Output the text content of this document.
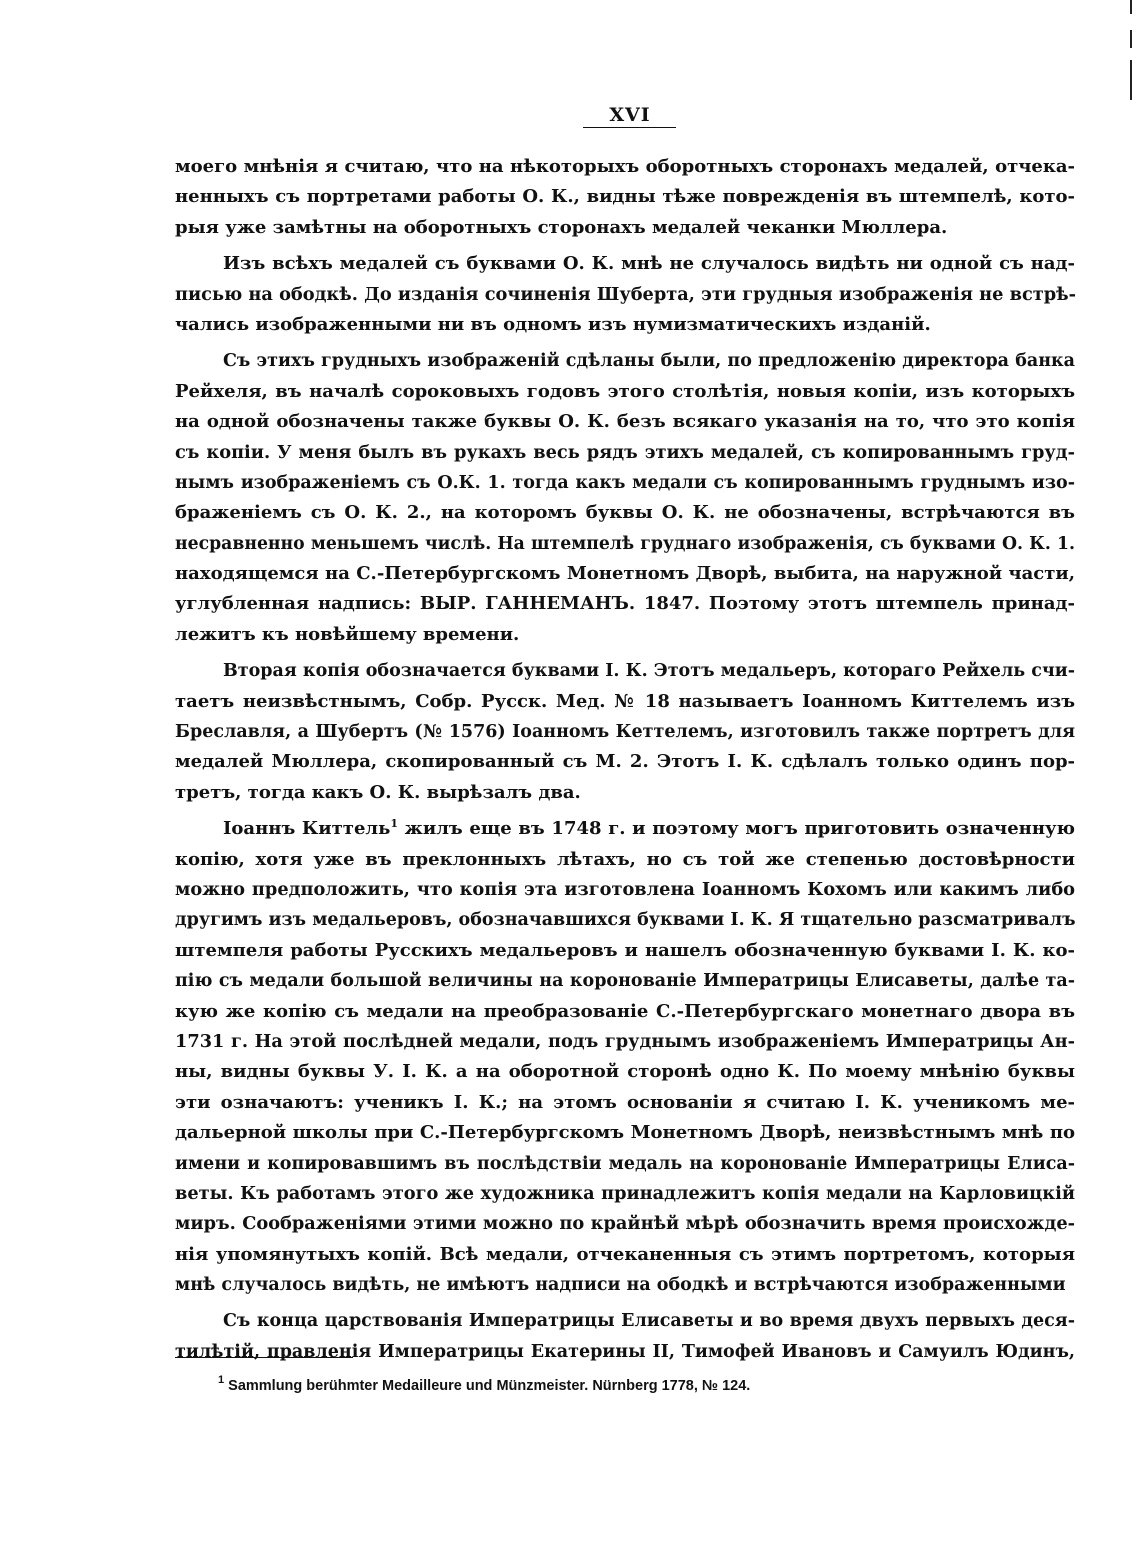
XVI
моего мнѣнія я считаю, что на нѣкоторыхъ оборотныхъ сторонахъ медалей, отчека-
ненныхъ съ портретами работы О. К., видны тѣже поврежденія въ штемпелѣ, кото-
рыя уже замѣтны на оборотныхъ сторонахъ медалей чеканки Мюллера.
Изъ всѣхъ медалей съ буквами О. К. мнѣ не случалось видѣть ни одной съ над-
писью на ободкѣ. До изданія сочиненія Шуберта, эти грудныя изображенія не встрѣ-
чались изображенными ни въ одномъ изъ нумизматическихъ изданій.
Съ этихъ грудныхъ изображеній сдѣланы были, по предложенію директора банка
Рейхеля, въ началѣ сороковыхъ годовъ этого столѣтія, новыя копіи, изъ которыхъ
на одной обозначены также буквы О. К. безъ всякаго указанія на то, что это копія
съ копіи. У меня былъ въ рукахъ весь рядъ этихъ медалей, съ копированнымъ груд-
нымъ изображеніемъ съ О.К. 1. тогда какъ медали съ копированнымъ груднымъ изо-
браженіемъ съ О. К. 2., на которомъ буквы О. К. не обозначены, встрѣчаются въ
несравненно меньшемъ числѣ. На штемпелѣ груднаго изображенія, съ буквами О. К. 1.
находящемся на С.-Петербургскомъ Монетномъ Дворѣ, выбита, на наружной части,
углубленная надпись: ВЫР. ГАННЕМАНЪ. 1847. Поэтому этотъ штемпель принад-
лежитъ къ новѣйшему времени.
Вторая копія обозначается буквами І. К. Этотъ медальеръ, котораго Рейхель счи-
таетъ неизвѣстнымъ, Собр. Русск. Мед. № 18 называетъ Іоанномъ Киттелемъ изъ
Бреславля, а Шубертъ (№ 1576) Іоанномъ Кеттелемъ, изготовилъ также портретъ для
медалей Мюллера, скопированный съ М. 2. Этотъ І. К. сдѣлалъ только одинъ пор-
третъ, тогда какъ О. К. вырѣзалъ два.
Іоаннъ Киттель$^1$ жилъ еще въ 1748 г. и поэтому могъ приготовить означенную
копію, хотя уже въ преклонныхъ лѣтахъ, но съ той же степенью достовѣрности
можно предположить, что копія эта изготовлена Іоанномъ Кохомъ или какимъ либо
другимъ изъ медальеровъ, обозначавшихся буквами І. К. Я тщательно разсматривалъ
штемпеля работы Русскихъ медальеровъ и нашелъ обозначенную буквами І. К. ко-
пію съ медали большой величины на коронованіе Императрицы Елисаветы, далѣе та-
кую же копію съ медали на преобразованіе С.-Петербургскаго монетнаго двора въ
1731 г. На этой послѣдней медали, подъ груднымъ изображеніемъ Императрицы Ан-
ны, видны буквы У. І. К. а на оборотной сторонѣ одно К. По моему мнѣнію буквы
эти означаютъ: ученикъ І. К.; на этомъ основаніи я считаю І. К. ученикомъ ме-
дальерной школы при С.-Петербургскомъ Монетномъ Дворѣ, неизвѣстнымъ мнѣ по
имени и копировавшимъ въ послѣдствіи медаль на коронованіе Императрицы Елиса-
веты. Къ работамъ этого же художника принадлежитъ копія медали на Карловицкій
миръ. Соображеніями этими можно по крайнѣй мѣрѣ обозначить время происхожде-
нія упомянутыхъ копій. Всѣ медали, отчеканенныя съ этимъ портретомъ, которыя
мнѣ случалось видѣть, не имѣютъ надписи на ободкѣ и встрѣчаются изображенными
Съ конца царствованія Императрицы Елисаветы и во время двухъ первыхъ деся-
тилѣтій, правленія Императрицы Екатерины II, Тимофей Ивановъ и Самуилъ Юдинъ,
$^1$ Sammlung berühmter Medailleure und Münzmeister. Nürnberg 1778, № 124.
